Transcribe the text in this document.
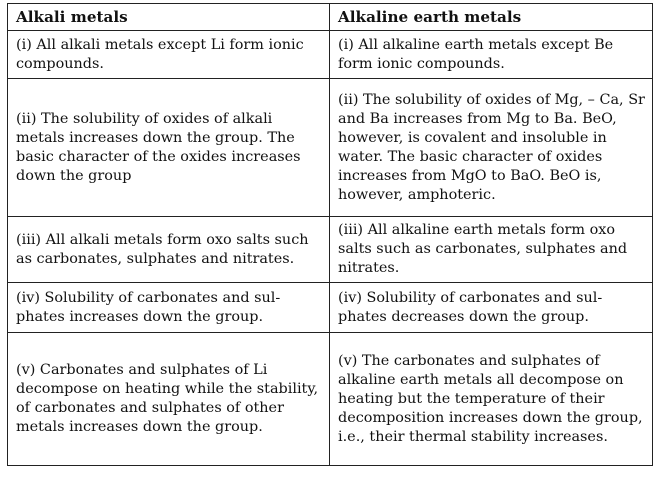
Alkali metals	Alkaline earth metals

(i) All alkali metals except Li form ionic compounds.	(i) All alkaline earth metals except Be form ionic compounds.

(ii) The solubility of oxides of alkali metals increases down the group. The basic character of the oxides increases down the group	(ii) The solubility of oxides of Mg, – Ca, Sr and Ba increases from Mg to Ba. BeO, however, is covalent and insoluble in water. The basic character of oxides increases from MgO to BaO. BeO is, however, amphoteric.

(iii) All alkali metals form oxo salts such as carbonates, sulphates and nitrates.	(iii) All alkaline earth metals form oxo salts such as carbonates, sulphates and nitrates.

(iv) Solubility of carbonates and sul-phates increases down the group.	(iv) Solubility of carbonates and sul-phates decreases down the group.

(v) Carbonates and sulphates of Li decompose on heating while the stability, of carbonates and sulphates of other metals increases down the group.	(v) The carbonates and sulphates of alkaline earth metals all decompose on heating but the temperature of their decomposition increases down the group, i.e., their thermal stability increases.
